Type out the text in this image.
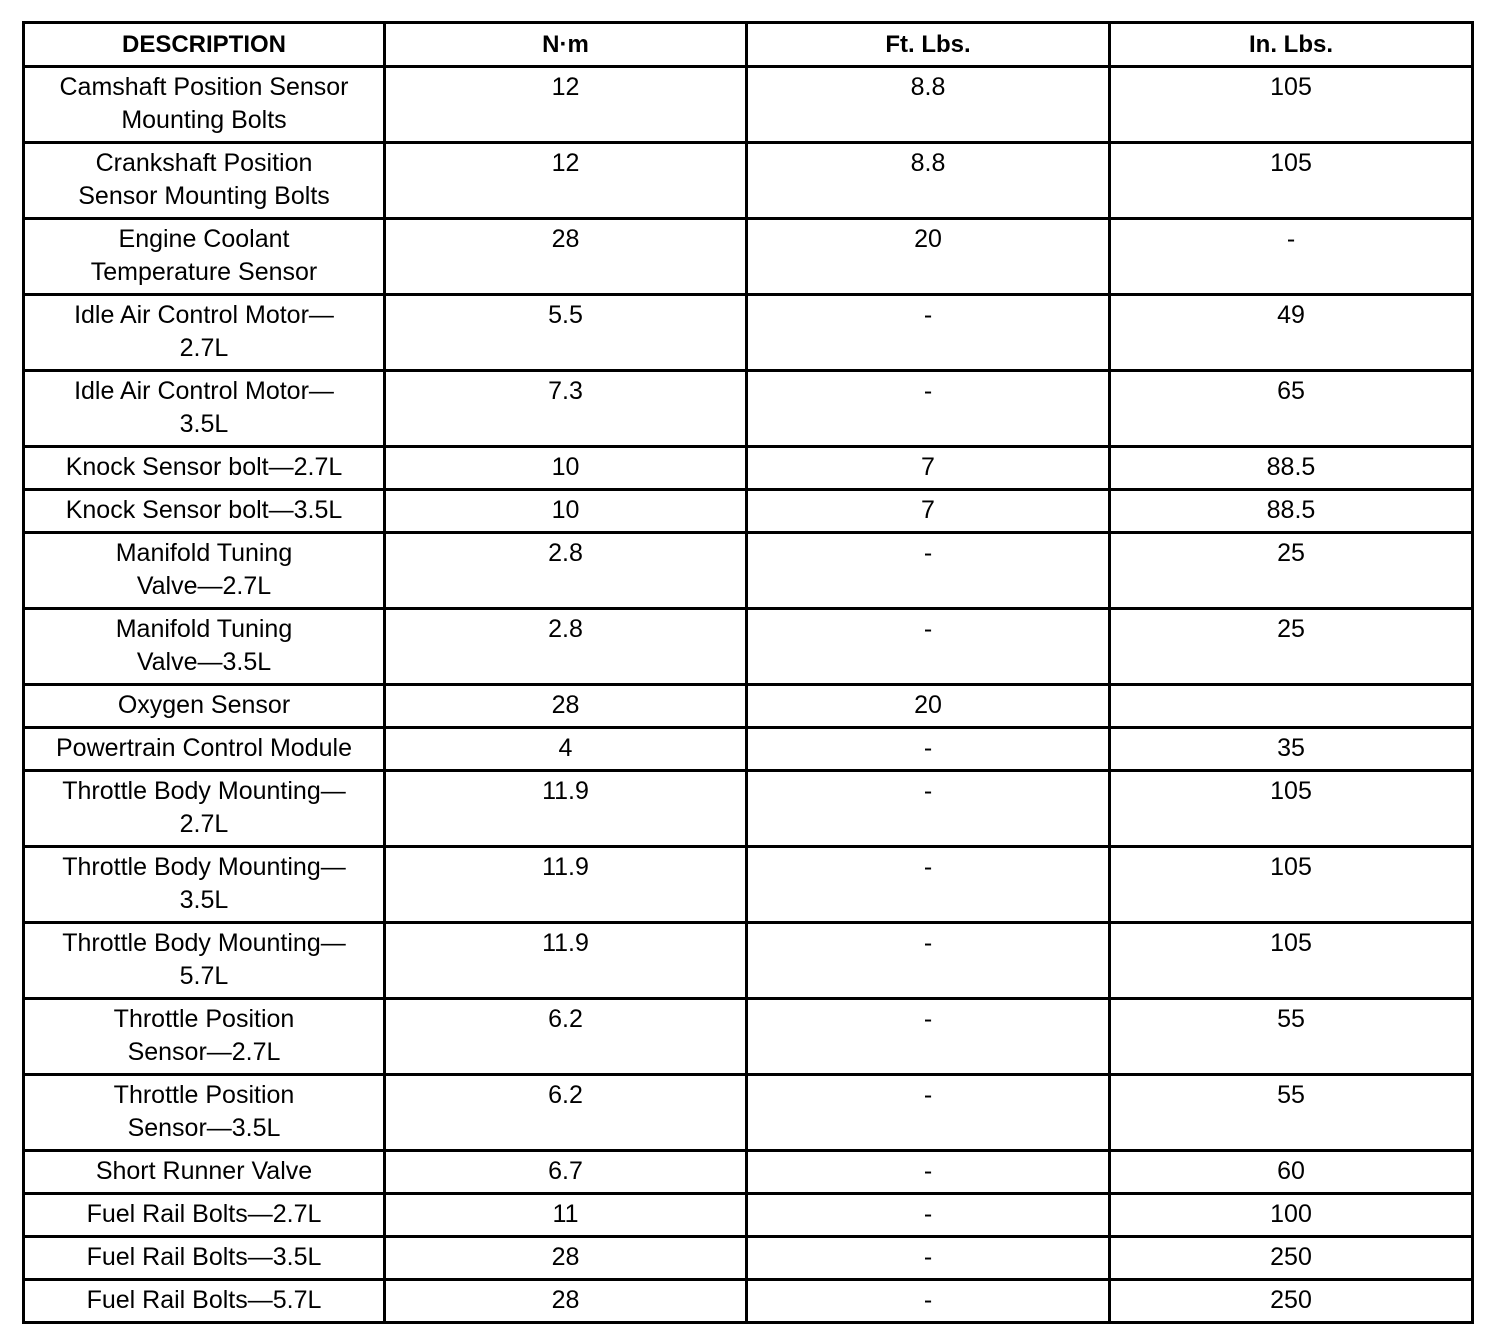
DESCRIPTION	N·m	Ft. Lbs.	In. Lbs.

Camshaft Position Sensor
Mounting Bolts	12	8.8	105

Crankshaft Position
Sensor Mounting Bolts	12	8.8	105

Engine Coolant
Temperature Sensor	28	20	-

Idle Air Control Motor—
2.7L	5.5	-	49

Idle Air Control Motor—
3.5L	7.3	-	65

Knock Sensor bolt—2.7L	10	7	88.5

Knock Sensor bolt—3.5L	10	7	88.5

Manifold Tuning
Valve—2.7L	2.8	-	25

Manifold Tuning
Valve—3.5L	2.8	-	25

Oxygen Sensor	28	20	

Powertrain Control Module	4	-	35

Throttle Body Mounting—
2.7L	11.9	-	105

Throttle Body Mounting—
3.5L	11.9	-	105

Throttle Body Mounting—
5.7L	11.9	-	105

Throttle Position
Sensor—2.7L	6.2	-	55

Throttle Position
Sensor—3.5L	6.2	-	55

Short Runner Valve	6.7	-	60

Fuel Rail Bolts—2.7L	11	-	100

Fuel Rail Bolts—3.5L	28	-	250

Fuel Rail Bolts—5.7L	28	-	250
